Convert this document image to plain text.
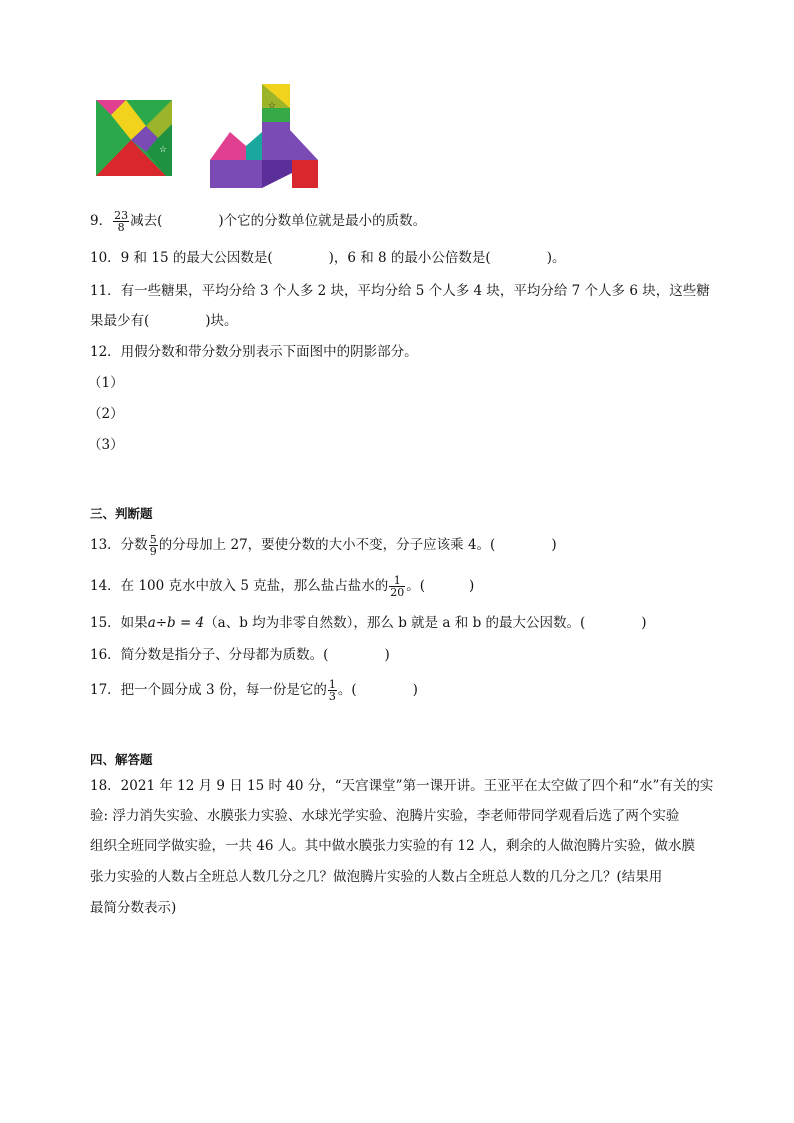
☆
☆
9． $\frac{23}{8}$ 减去(	)个它的分数单位就是最小的质数。
10．9 和 15 的最大公因数是(	)，6 和 8 的最小公倍数是(	)。
11．有一些糖果，平均分给 3 个人多 2 块，平均分给 5 个人多 4 块，平均分给 7 个人多 6 块，这些糖
果最少有(	)块。
12．用假分数和带分数分别表示下面图中的阴影部分。
（1）
（2）
（3）
三、判断题
13．分数 $\frac{5}{9}$ 的分母加上 27，要使分数的大小不变，分子应该乘 4。(	)
14．在 100 克水中放入 5 克盐，那么盐占盐水的 $\frac{1}{20}$ 。(	)
15．如果a÷b = 4（a、b 均为非零自然数），那么 b 就是 a 和 b 的最大公因数。(	)
16．简分数是指分子、分母都为质数。(	)
17．把一个圆分成 3 份，每一份是它的 $\frac{1}{3}$ 。(	)
四、解答题
18．2021 年 12 月 9 日 15 时 40 分，“天宫课堂”第一课开讲。王亚平在太空做了四个和“水”有关的实
验: 浮力消失实验、水膜张力实验、水球光学实验、泡腾片实验，李老师带同学观看后选了两个实验
组织全班同学做实验，一共 46 人。其中做水膜张力实验的有 12 人，剩余的人做泡腾片实验，做水膜
张力实验的人数占全班总人数几分之几？做泡腾片实验的人数占全班总人数的几分之几？(结果用
最简分数表示)
